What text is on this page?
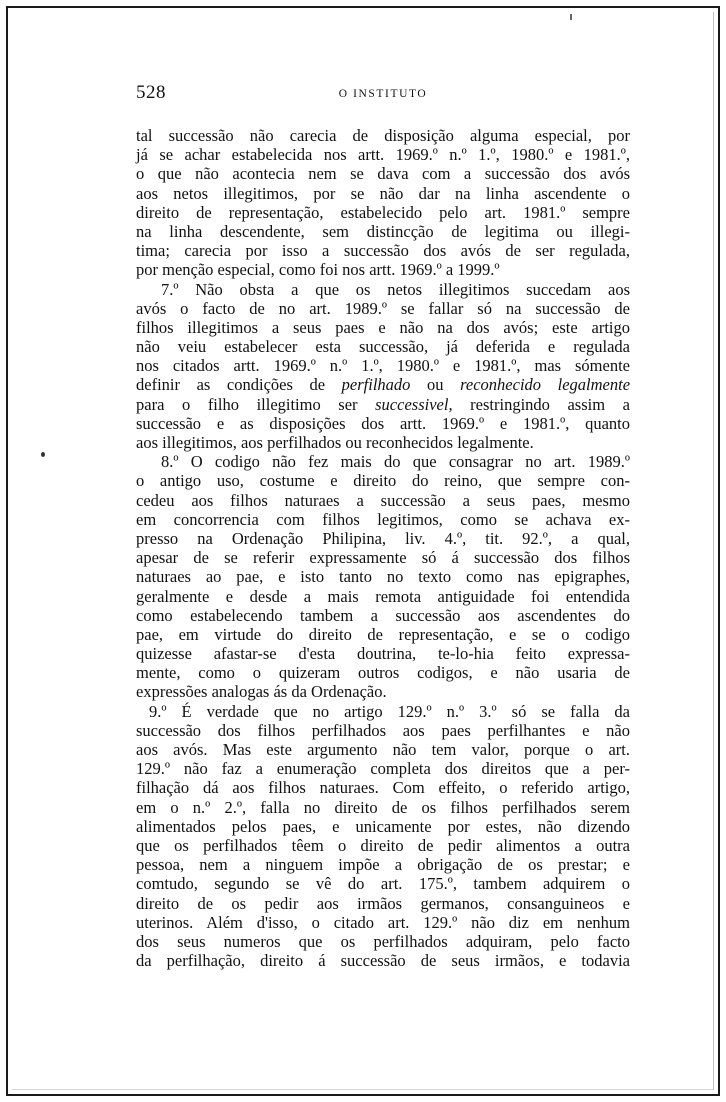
528	O INSTITUTO
tal successão não carecia de disposição alguma especial, por
já se achar estabelecida nos artt. 1969.º n.º 1.º, 1980.º e 1981.º,
o que não acontecia nem se dava com a successão dos avós
aos netos illegitimos, por se não dar na linha ascendente o
direito de representação, estabelecido pelo art. 1981.º sempre
na linha descendente, sem distincção de legitima ou illegi-
tima; carecia por isso a successão dos avós de ser regulada,
por menção especial, como foi nos artt. 1969.º a 1999.º
7.º Não obsta a que os netos illegitimos succedam aos
avós o facto de no art. 1989.º se fallar só na successão de
filhos illegitimos a seus paes e não na dos avós; este artigo
não veiu estabelecer esta successão, já deferida e regulada
nos citados artt. 1969.º n.º 1.º, 1980.º e 1981.º, mas sómente
definir as condições de perfilhado ou reconhecido legalmente
para o filho illegitimo ser successivel, restringindo assim a
successão e as disposições dos artt. 1969.º e 1981.º, quanto
aos illegitimos, aos perfilhados ou reconhecidos legalmente.
8.º O codigo não fez mais do que consagrar no art. 1989.º
o antigo uso, costume e direito do reino, que sempre con-
cedeu aos filhos naturaes a successão a seus paes, mesmo
em concorrencia com filhos legitimos, como se achava ex-
presso na Ordenação Philipina, liv. 4.º, tit. 92.º, a qual,
apesar de se referir expressamente só á successão dos filhos
naturaes ao pae, e isto tanto no texto como nas epigraphes,
geralmente e desde a mais remota antiguidade foi entendida
como estabelecendo tambem a successão aos ascendentes do
pae, em virtude do direito de representação, e se o codigo
quizesse afastar-se d'esta doutrina, te-lo-hia feito expressa-
mente, como o quizeram outros codigos, e não usaria de
expressões analogas ás da Ordenação.
9.º É verdade que no artigo 129.º n.º 3.º só se falla da
successão dos filhos perfilhados aos paes perfilhantes e não
aos avós. Mas este argumento não tem valor, porque o art.
129.º não faz a enumeração completa dos direitos que a per-
filhação dá aos filhos naturaes. Com effeito, o referido artigo,
em o n.º 2.º, falla no direito de os filhos perfilhados serem
alimentados pelos paes, e unicamente por estes, não dizendo
que os perfilhados têem o direito de pedir alimentos a outra
pessoa, nem a ninguem impõe a obrigação de os prestar; e
comtudo, segundo se vê do art. 175.º, tambem adquirem o
direito de os pedir aos irmãos germanos, consanguineos e
uterinos. Além d'isso, o citado art. 129.º não diz em nenhum
dos seus numeros que os perfilhados adquiram, pelo facto
da perfilhação, direito á successão de seus irmãos, e todavia
